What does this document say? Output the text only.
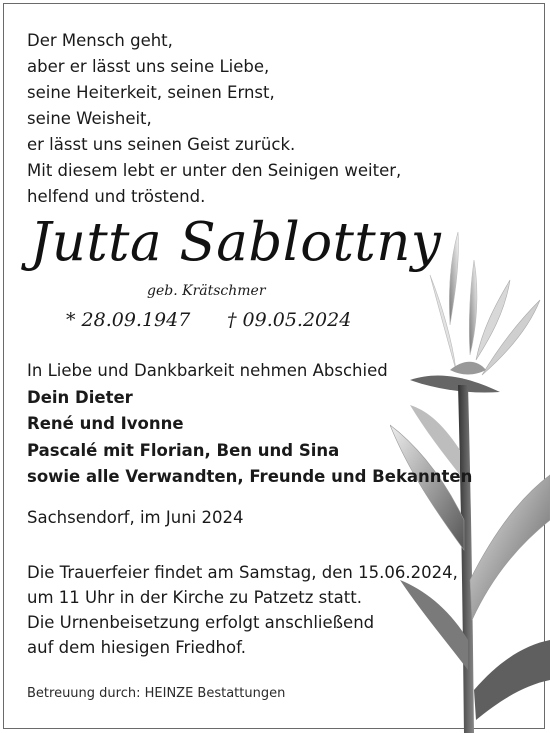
Der Mensch geht,
aber er lässt uns seine Liebe,
seine Heiterkeit, seinen Ernst,
seine Weisheit,
er lässt uns seinen Geist zurück.
Mit diesem lebt er unter den Seinigen weiter,
helfend und tröstend.
Jutta Sablottny
geb. Krätschmer
* 28.09.1947 † 09.05.2024
In Liebe und Dankbarkeit nehmen Abschied
Dein Dieter
René und Ivonne
Pascalé mit Florian, Ben und Sina
sowie alle Verwandten, Freunde und Bekannten
Sachsendorf, im Juni 2024
Die Trauerfeier findet am Samstag, den 15.06.2024,
um 11 Uhr in der Kirche zu Patzetz statt.
Die Urnenbeisetzung erfolgt anschließend
auf dem hiesigen Friedhof.
Betreuung durch: HEINZE Bestattungen
